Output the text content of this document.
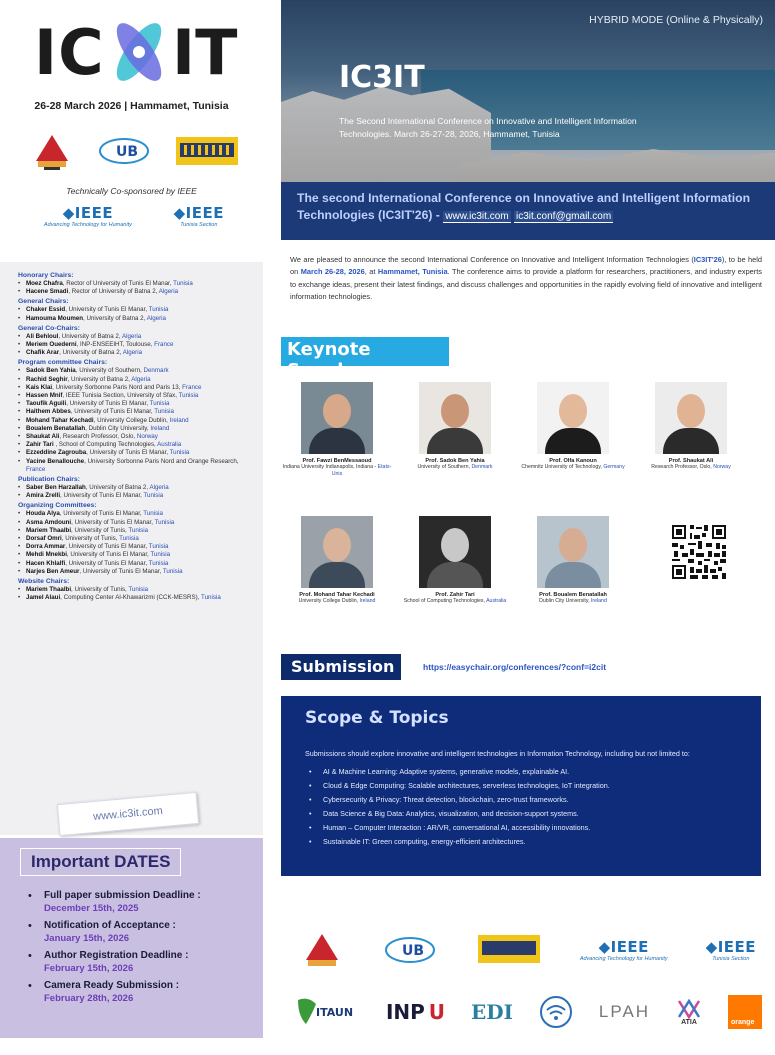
IC IT
26-28 March 2026 | Hammamet, Tunisia
UB
Technically Co-sponsored by IEEE
◆IEEE
Advancing Technology for Humanity
◆IEEE
Tunisia Section
Honorary Chairs:
• Moez Chafra, Rector of University of Tunis El Manar, Tunisia
• Hacene Smadi, Rector of University of Batna 2, Algeria
General Chairs:
• Chaker Essid, University of Tunis El Manar, Tunisia
• Hamouma Moumen, University of Batna 2, Algeria
General Co-Chairs:
• Ali Behloul, University of Batna 2, Algeria
• Meriem Ouederni, INP-ENSEEIHT, Toulouse, France
• Chafik Arar, University of Batna 2, Algeria
Program committee Chairs:
• Sadok Ben Yahia, University of Southern, Denmark
• Rachid Seghir, University of Batna 2, Algeria
• Kais Klai, University Sorbonne Paris Nord and Paris 13, France
• Hassen Mnif, IEEE Tunisia Section, University of Sfax, Tunisia
• Taoufik Aguili, University of Tunis El Manar, Tunisia
• Haithem Abbes, University of Tunis El Manar, Tunisia
• Mohand Tahar Kechadi, University College Dublin, Ireland
• Boualem Benatallah, Dublin City University, Ireland
• Shaukat Ali, Research Professor, Oslo, Norway
• Zahir Tari , School of Computing Technologies, Australia
• Ezzeddine Zagrouba, University of Tunis El Manar, Tunisia
• Yacine Benallouche, University Sorbonne Paris Nord and Orange Research, France
Publication Chairs:
• Saber Ben Harzallah, University of Batna 2, Algeria
• Amira Zrelli, University of Tunis El Manar, Tunisia
Organizing Committees:
• Houda Alya, University of Tunis El Manar, Tunisia
• Asma Amdouni, University of Tunis El Manar, Tunisia
• Mariem Thaalbi, University of Tunis, Tunisia
• Dorsaf Omri, University of Tunis, Tunisia
• Dorra Ammar, University of Tunis El Manar, Tunisia
• Mehdi Mnekbi, University of Tunis El Manar, Tunisia
• Hacen Khlalfi, University of Tunis El Manar, Tunisia
• Narjes Ben Ameur, University of Tunis El Manar, Tunisia
Website Chairs:
• Mariem Thaalbi, University of Tunis, Tunisia
• Jamel Alaui, Computing Center Al-Khawarizmi (CCK-MESRS), Tunisia
www.ic3it.com
Important DATES
• Full paper submission Deadline :
December 15th, 2025
• Notification of Acceptance :
January 15th, 2026
• Author Registration Deadline :
February 15th, 2026
• Camera Ready Submission :
February 28th, 2026
HYBRID MODE (Online & Physically)
IC3IT
The Second International Conference on Innovative and Intelligent Information Technologies. March 26-27-28, 2026, Hammamet, Tunisia
The second International Conference on Innovative and Intelligent Information Technologies (IC3IT'26) - www.ic3it.com ic3it.conf@gmail.com
We are pleased to announce the second International Conference on Innovative and Intelligent Information Technologies (IC3IT'26), to be held on March 26-28, 2026, at Hammamet, Tunisia. The conference aims to provide a platform for researchers, practitioners, and industry experts to exchange ideas, present their latest findings, and discuss challenges and opportunities in the rapidly evolving field of innovative and intelligent information technologies.
Keynote Speakers
Prof. Fawzi BenMessaoud
Indiana University Indianapolis, Indiana - Etats-Unis
Prof. Sadok Ben Yahia
University of Southern, Denmark
Prof. Olfa Kanoun
Chemnitz University of Technology, Germany
Prof. Shaukat Ali
Research Professor, Oslo, Norway
Prof. Mohand Tahar Kechadi
University College Dublin, Ireland
Prof. Zahir Tari
School of Computing Technologies, Australia
Prof. Boualem Benatallah
Dublin City University, Ireland
Submission	https://easychair.org/conferences/?conf=i2cit
Scope & Topics
Submissions should explore innovative and intelligent technologies in Information Technology, including but not limited to:
• AI & Machine Learning: Adaptive systems, generative models, explainable AI.
• Cloud & Edge Computing: Scalable architectures, serverless technologies, IoT integration.
• Cybersecurity & Privacy: Threat detection, blockchain, zero-trust frameworks.
• Data Science & Big Data: Analytics, visualization, and decision-support systems.
• Human – Computer Interaction : AR/VR, conversational AI, accessibility innovations.
• Sustainable IT: Green computing, energy-efficient architectures.
UB	◆IEEE
Advancing Technology for Humanity
◆IEEE
Tunisia Section
ITAUN INP U EDI	LPAH
ATIA	orange
